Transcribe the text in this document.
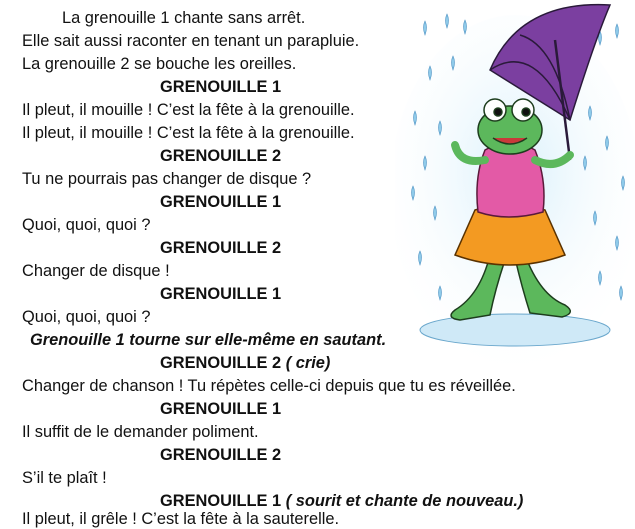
La grenouille 1 chante sans arrêt.
Elle sait aussi raconter en tenant un parapluie.
La grenouille 2 se bouche les oreilles.
GRENOUILLE 1
Il pleut, il mouille ! C’est la fête à la grenouille.
Il pleut, il mouille ! C’est la fête à la grenouille.
GRENOUILLE 2
Tu ne pourrais pas changer de disque ?
GRENOUILLE 1
Quoi, quoi, quoi ?
GRENOUILLE 2
Changer de disque !
GRENOUILLE 1
Quoi, quoi, quoi ?
Grenouille 1 tourne sur elle-même en sautant.
GRENOUILLE 2 ( crie)
Changer de chanson ! Tu répètes celle-ci depuis que tu es réveillée.
GRENOUILLE 1
Il suffit de le demander poliment.
GRENOUILLE 2
S’il te plaît !
GRENOUILLE 1 ( sourit et chante de nouveau.)
Il pleut, il grêle ! C’est la fête à la sauterelle.
